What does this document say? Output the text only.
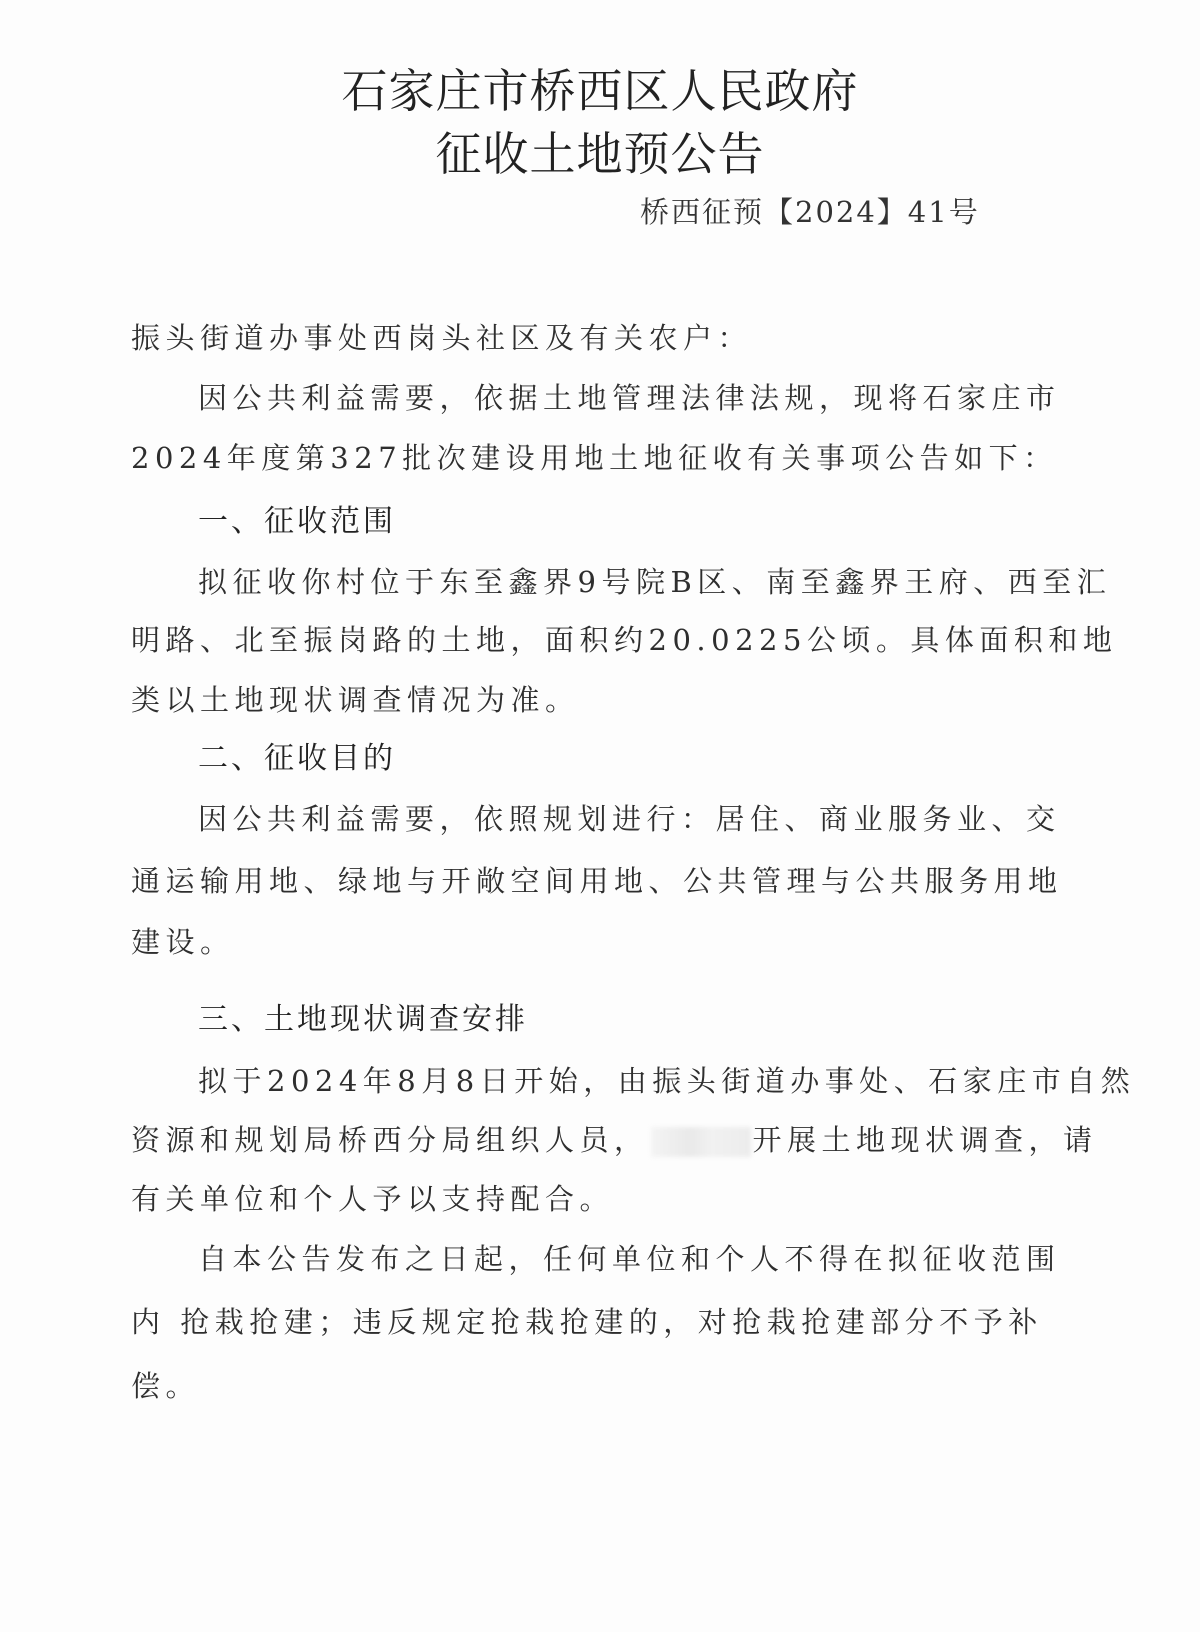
石家庄市桥西区人民政府
征收土地预公告
桥西征预【2024】41号
振头街道办事处西岗头社区及有关农户：
因公共利益需要，依据土地管理法律法规，现将石家庄市
2024年度第327批次建设用地土地征收有关事项公告如下：
一、征收范围
拟征收你村位于东至鑫界9号院B区、南至鑫界王府、西至汇
明路、北至振岗路的土地，面积约20.0225公顷。具体面积和地
类以土地现状调查情况为准。
二、征收目的
因公共利益需要，依照规划进行：居住、商业服务业、交
通运输用地、绿地与开敞空间用地、公共管理与公共服务用地
建设。
三、土地现状调查安排
拟于2024年8月8日开始，由振头街道办事处、石家庄市自然
资源和规划局桥西分局组织人员，	开展土地现状调查，请
有关单位和个人予以支持配合。
自本公告发布之日起，任何单位和个人不得在拟征收范围
内 抢栽抢建；违反规定抢栽抢建的，对抢栽抢建部分不予补
偿。
